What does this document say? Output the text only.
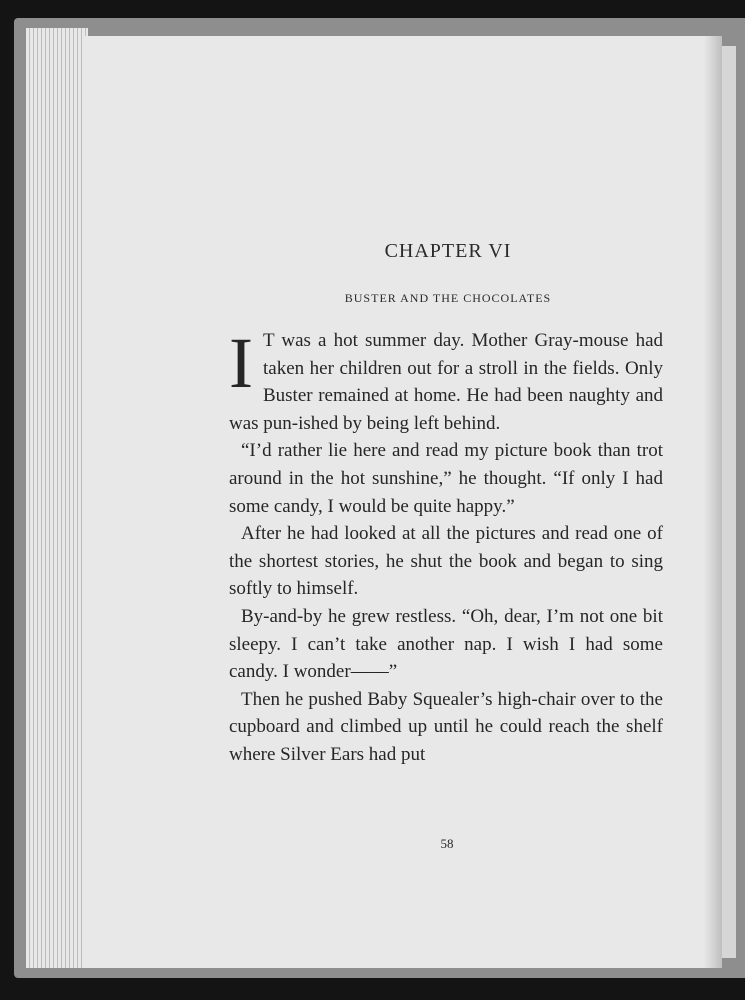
CHAPTER VI
BUSTER AND THE CHOCOLATES

I T was a hot summer day. Mother Gray-mouse had taken her children out for a stroll in the fields. Only Buster remained at home. He had been naughty and was pun-ished by being left behind.

“I’d rather lie here and read my picture book than trot around in the hot sunshine,” he thought. “If only I had some candy, I would be quite happy.”

After he had looked at all the pictures and read one of the shortest stories, he shut the book and began to sing softly to himself.

By-and-by he grew restless. “Oh, dear, I’m not one bit sleepy. I can’t take another nap. I wish I had some candy. I wonder——”

Then he pushed Baby Squealer’s high-chair over to the cupboard and climbed up until he could reach the shelf where Silver Ears had put

58
